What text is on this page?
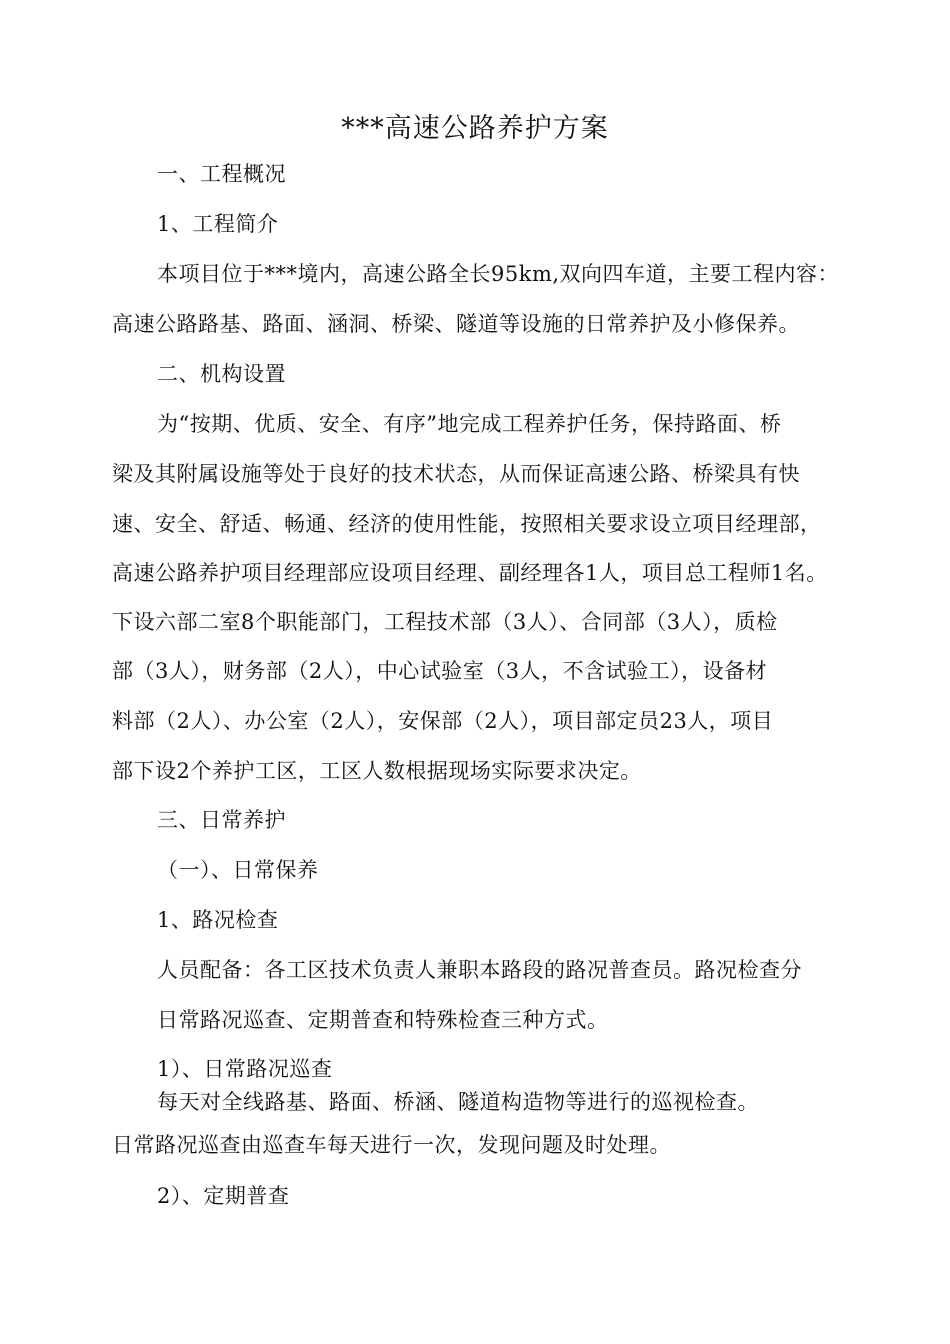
***高速公路养护方案
一、工程概况
1、工程简介
本项目位于***境内，高速公路全长95km,双向四车道，主要工程内容：
高速公路路基、路面、涵洞、桥梁、隧道等设施的日常养护及小修保养。
二、机构设置
为“按期、优质、安全、有序”地完成工程养护任务，保持路面、桥
梁及其附属设施等处于良好的技术状态，从而保证高速公路、桥梁具有快
速、安全、舒适、畅通、经济的使用性能，按照相关要求设立项目经理部，
高速公路养护项目经理部应设项目经理、副经理各1人，项目总工程师1名。
下设六部二室8个职能部门，工程技术部（3人）、合同部（3人），质检
部（3人），财务部（2人），中心试验室（3人，不含试验工），设备材
料部（2人）、办公室（2人），安保部（2人），项目部定员23人，项目
部下设2个养护工区，工区人数根据现场实际要求决定。
三、日常养护
（一）、日常保养
1、路况检查
人员配备：各工区技术负责人兼职本路段的路况普查员。路况检查分
日常路况巡查、定期普查和特殊检查三种方式。
1）、日常路况巡查
每天对全线路基、路面、桥涵、隧道构造物等进行的巡视检查。
日常路况巡查由巡查车每天进行一次，发现问题及时处理。
2）、定期普查
